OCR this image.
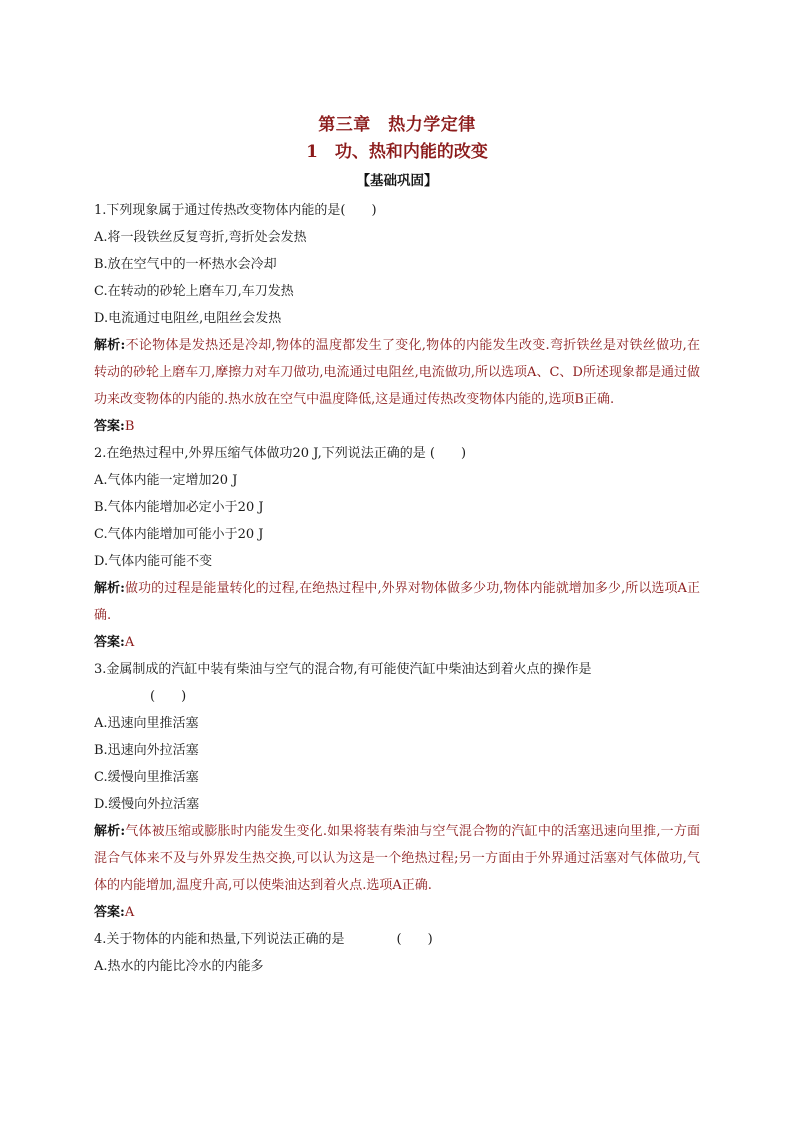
第三章　热力学定律
1　功、热和内能的改变
【基础巩固】
1.下列现象属于通过传热改变物体内能的是(　　)
A.将一段铁丝反复弯折,弯折处会发热
B.放在空气中的一杯热水会冷却
C.在转动的砂轮上磨车刀,车刀发热
D.电流通过电阻丝,电阻丝会发热
解析:不论物体是发热还是冷却,物体的温度都发生了变化,物体的内能发生改变.弯折铁丝是对铁丝做功,在转动的砂轮上磨车刀,摩擦力对车刀做功,电流通过电阻丝,电流做功,所以选项A、C、D所述现象都是通过做功来改变物体的内能的.热水放在空气中温度降低,这是通过传热改变物体内能的,选项B正确.
答案:B
2.在绝热过程中,外界压缩气体做功20 J,下列说法正确的是 (　　)
A.气体内能一定增加20 J
B.气体内能增加必定小于20 J
C.气体内能增加可能小于20 J
D.气体内能可能不变
解析:做功的过程是能量转化的过程,在绝热过程中,外界对物体做多少功,物体内能就增加多少,所以选项A正确.
答案:A
3.金属制成的汽缸中装有柴油与空气的混合物,有可能使汽缸中柴油达到着火点的操作是
(　　)
A.迅速向里推活塞
B.迅速向外拉活塞
C.缓慢向里推活塞
D.缓慢向外拉活塞
解析:气体被压缩或膨胀时内能发生变化.如果将装有柴油与空气混合物的汽缸中的活塞迅速向里推,一方面混合气体来不及与外界发生热交换,可以认为这是一个绝热过程;另一方面由于外界通过活塞对气体做功,气体的内能增加,温度升高,可以使柴油达到着火点.选项A正确.
答案:A
4.关于物体的内能和热量,下列说法正确的是　　　　(　　)
A.热水的内能比冷水的内能多
